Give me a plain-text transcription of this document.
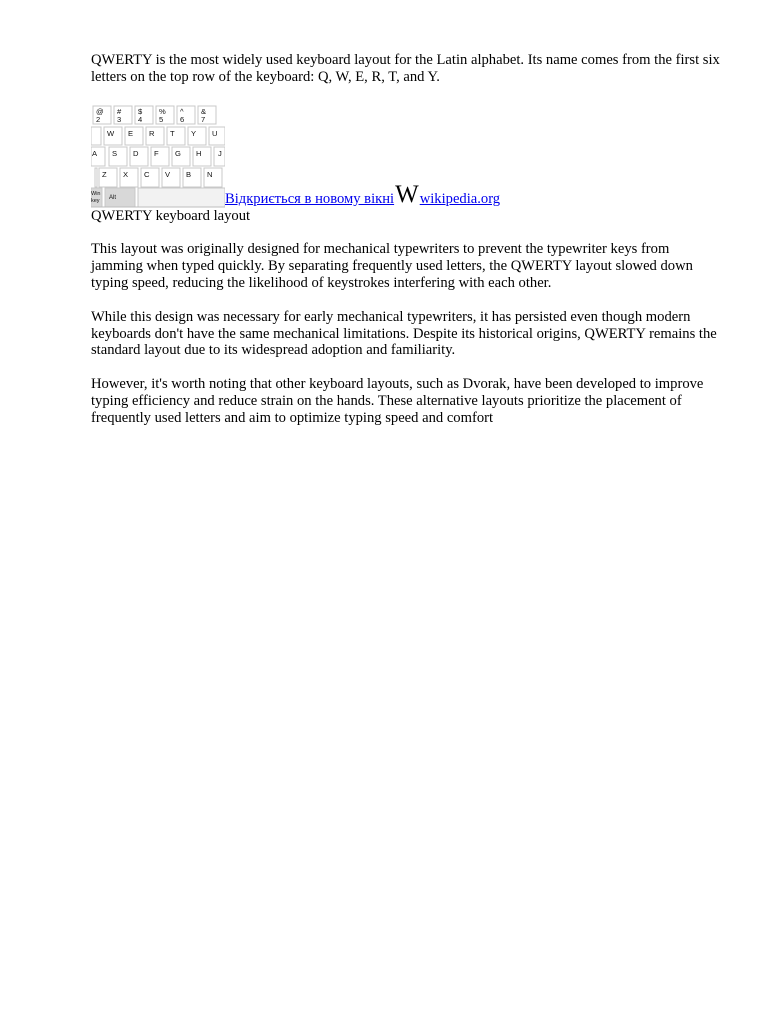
QWERTY is the most widely used keyboard layout for the Latin alphabet. Its name comes from the first six letters on the top row of the keyboard: Q, W, E, R, T, and Y.

@
2
#
3
$
4
%
5
^
6
&
7
W E R T Y U
A S D F G H J
Z X C V B N
Win
key Alt	Відкриється в новому вікні W wikipedia.org

QWERTY keyboard layout

This layout was originally designed for mechanical typewriters to prevent the typewriter keys from jamming when typed quickly. By separating frequently used letters, the QWERTY layout slowed down typing speed, reducing the likelihood of keystrokes interfering with each other.

While this design was necessary for early mechanical typewriters, it has persisted even though modern keyboards don't have the same mechanical limitations. Despite its historical origins, QWERTY remains the standard layout due to its widespread adoption and familiarity.

However, it's worth noting that other keyboard layouts, such as Dvorak, have been developed to improve typing efficiency and reduce strain on the hands. These alternative layouts prioritize the placement of frequently used letters and aim to optimize typing speed and comfort
